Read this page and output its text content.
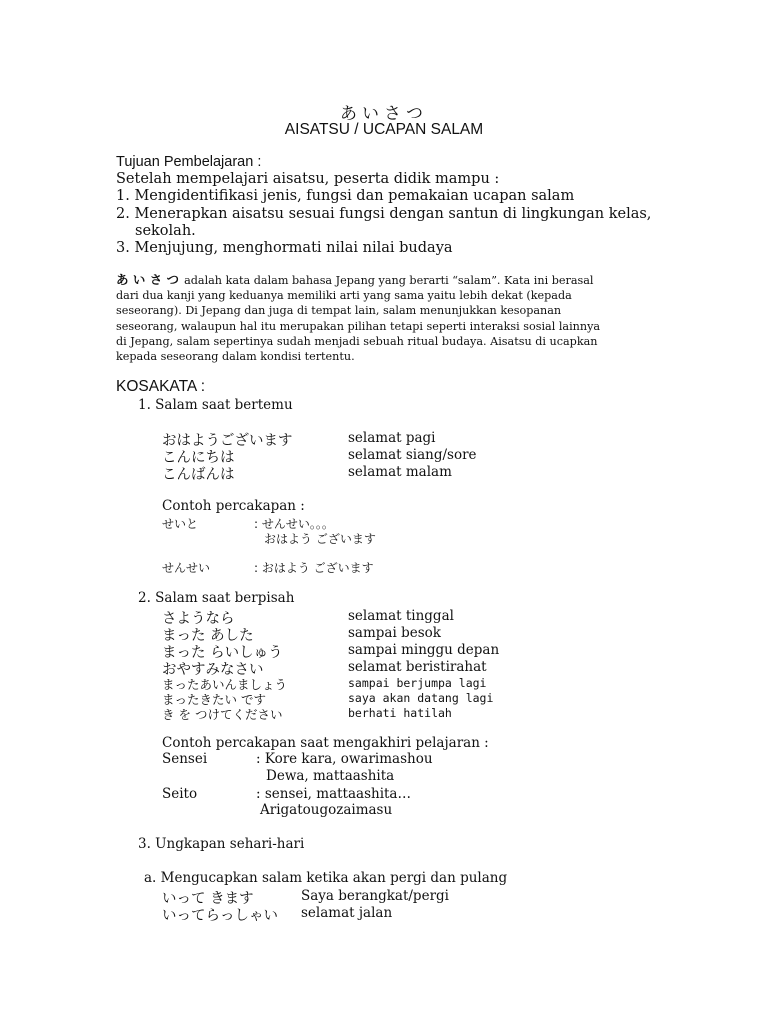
あいさつ
AISATSU / UCAPAN SALAM
Tujuan Pembelajaran :
Setelah mempelajari aisatsu, peserta didik mampu :
1. Mengidentifikasi jenis, fungsi dan pemakaian ucapan salam
2. Menerapkan aisatsu sesuai fungsi dengan santun di lingkungan kelas,
sekolah.
3. Menjujung, menghormati nilai nilai budaya
あ い さ つ adalah kata dalam bahasa Jepang yang berarti “salam”. Kata ini berasal
dari dua kanji yang keduanya memiliki arti yang sama yaitu lebih dekat (kepada
seseorang). Di Jepang dan juga di tempat lain, salam menunjukkan kesopanan
seseorang, walaupun hal itu merupakan pilihan tetapi seperti interaksi sosial lainnya
di Jepang, salam sepertinya sudah menjadi sebuah ritual budaya. Aisatsu di ucapkan
kepada seseorang dalam kondisi tertentu.
KOSAKATA :
1. Salam saat bertemu
おはようございます	selamat pagi
こんにちは	selamat siang/sore
こんばんは	selamat malam
Contoh percakapan :
せいと	: せんせい。。。
おはよう ございます
せんせい	: おはよう ございます
2. Salam saat berpisah
さようなら	selamat tinggal
まった あした	sampai besok
まった らいしゅう	sampai minggu depan
おやすみなさい	selamat beristirahat
まったあいんましょう	sampai berjumpa lagi
まったきたい です	saya akan datang lagi
き を つけてください	berhati hatilah
Contoh percakapan saat mengakhiri pelajaran :
Sensei	: Kore kara, owarimashou
Dewa, mattaashita
Seito	: sensei, mattaashita…
Arigatougozaimasu
3. Ungkapan sehari-hari
a. Mengucapkan salam ketika akan pergi dan pulang
いって きます	Saya berangkat/pergi
いってらっしゃい selamat jalan
